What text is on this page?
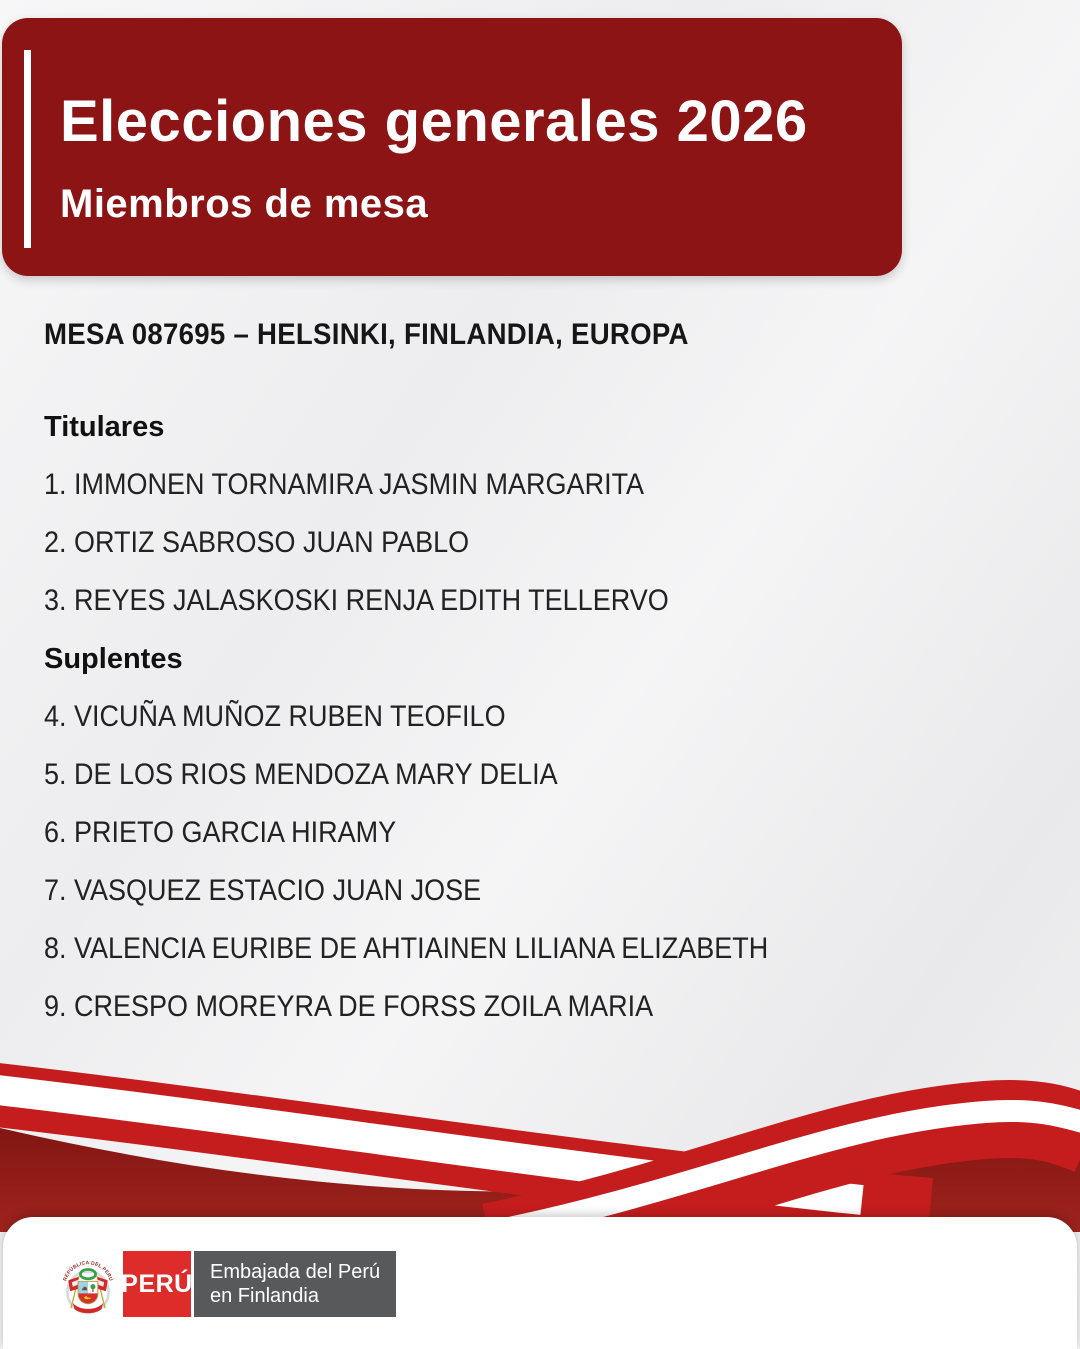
Elecciones generales 2026
Miembros de mesa
MESA 087695 – HELSINKI, FINLANDIA, EUROPA
Titulares
1. IMMONEN TORNAMIRA JASMIN MARGARITA
2. ORTIZ SABROSO JUAN PABLO
3. REYES JALASKOSKI RENJA EDITH TELLERVO
Suplentes
4. VICUÑA MUÑOZ RUBEN TEOFILO
5. DE LOS RIOS MENDOZA MARY DELIA
6. PRIETO GARCIA HIRAMY
7. VASQUEZ ESTACIO JUAN JOSE
8. VALENCIA EURIBE DE AHTIAINEN LILIANA ELIZABETH
9. CRESPO MOREYRA DE FORSS ZOILA MARIA
REPÚBLICA DEL PERÚ PERÚ Embajada del Perú
en Finlandia
